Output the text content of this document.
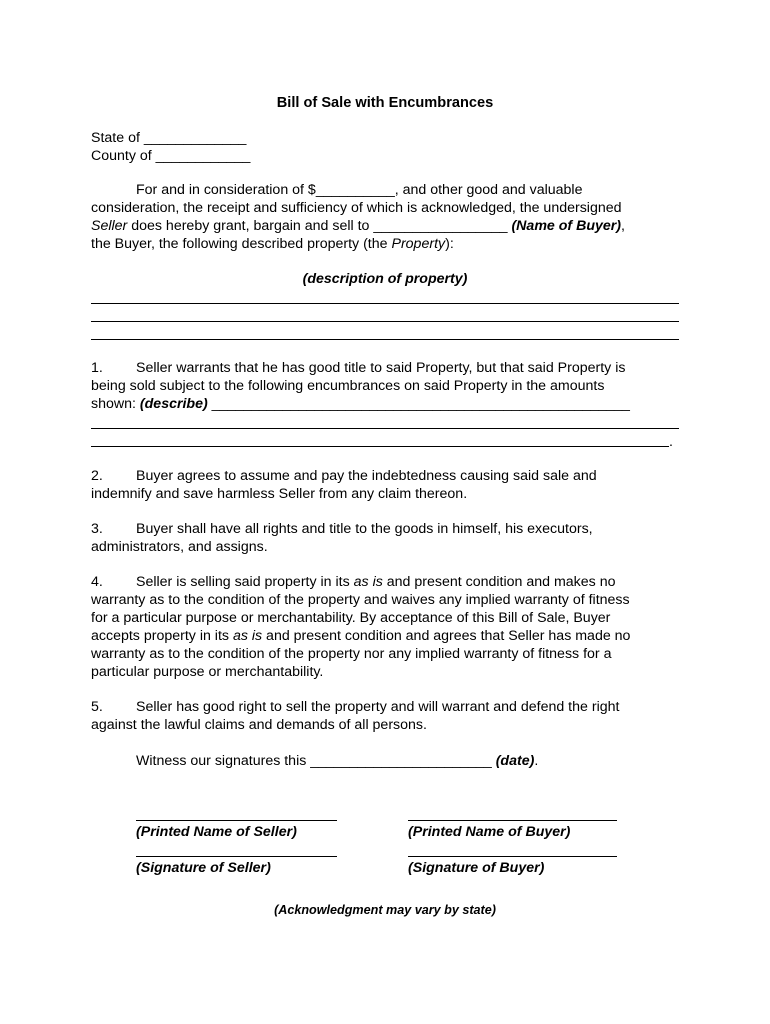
Bill of Sale with Encumbrances
State of _____________
County of ____________
For and in consideration of $__________, and other good and valuable
consideration, the receipt and sufficiency of which is acknowledged, the undersigned
Seller does hereby grant, bargain and sell to _________________ (Name of Buyer),
the Buyer, the following described property (the Property):
(description of property)
1. Seller warrants that he has good title to said Property, but that said Property is
being sold subject to the following encumbrances on said Property in the amounts
shown: (describe) _____________________________________________________
.
2. Buyer agrees to assume and pay the indebtedness causing said sale and
indemnify and save harmless Seller from any claim thereon.
3. Buyer shall have all rights and title to the goods in himself, his executors,
administrators, and assigns.
4. Seller is selling said property in its as is and present condition and makes no
warranty as to the condition of the property and waives any implied warranty of fitness
for a particular purpose or merchantability. By acceptance of this Bill of Sale, Buyer
accepts property in its as is and present condition and agrees that Seller has made no
warranty as to the condition of the property nor any implied warranty of fitness for a
particular purpose or merchantability.
5. Seller has good right to sell the property and will warrant and defend the right
against the lawful claims and demands of all persons.
Witness our signatures this _______________________ (date).
(Printed Name of Seller)	(Printed Name of Buyer)
(Signature of Seller)	(Signature of Buyer)
(Acknowledgment may vary by state)
